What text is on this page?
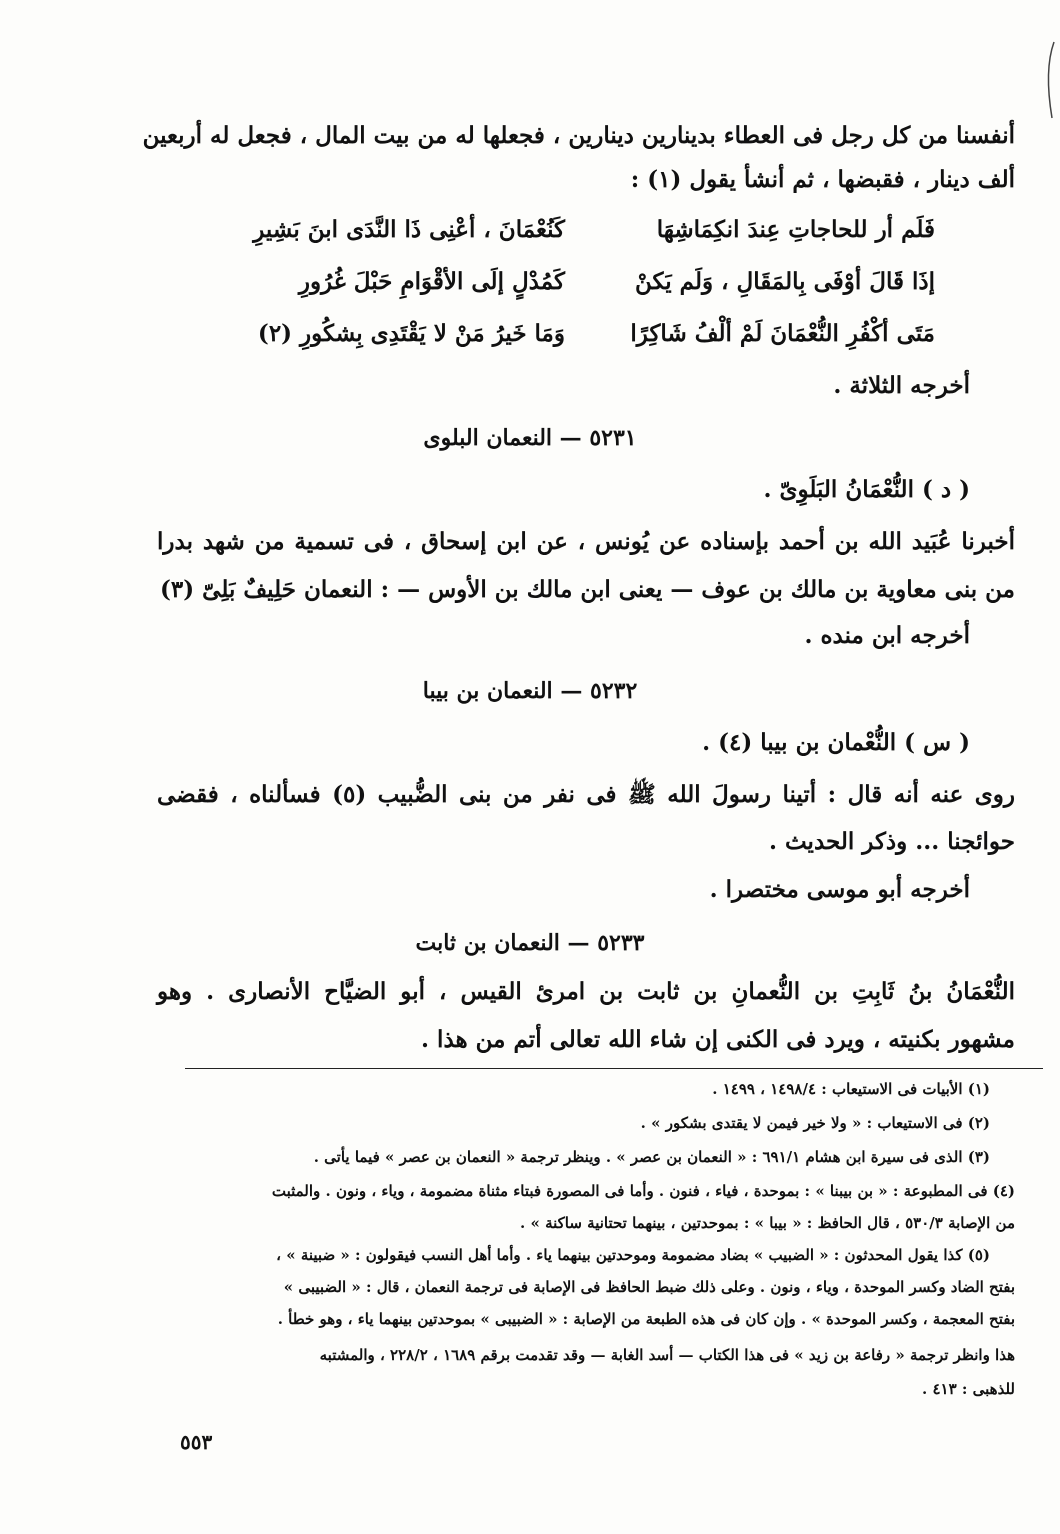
أنفسنا من كل رجل فى العطاء بدينارين دينارين ، فجعلها له من بيت المال ، فجعل له أربعين
ألف دينار ، فقبضها ، ثم أنشأ يقول (١) :
فَلَم أر للحاجاتِ عِندَ انكِمَاشِهَا
كَنُعْمَانَ ، أعْنِى ذَا النَّدَى ابنَ بَشِيرِ
إذَا قَالَ أوْفَى بِالمَقَالِ ، وَلَم يَكنْ
كَمُدْلٍ إلَى الأقْوَامِ حَبْلَ غُرُورِ
مَتَى أكْفُرِ النُّعْمَانَ لَمْ ألْفُ شَاكِرًا
وَمَا خَيرُ مَنْ لا يَقْتَدِى بِشكُورِ (٢)
أخرجه الثلاثة .
٥٢٣١ — النعمان البلوى
( د ) النُّعْمَانُ البَلَوِىّ .
أخبرنا عُبَيد الله بن أحمد بإسناده عن يُونس ، عن ابن إسحاق ، فى تسمية من شهد بدرا
من بنى معاوية بن مالك بن عوف — يعنى ابن مالك بن الأوس — : النعمان حَلِيفٌ بَلِىّ (٣)
أخرجه ابن منده .
٥٢٣٢ — النعمان بن بيبا
( س ) النُّعْمان بن بيبا (٤) .
روى عنه أنه قال : أتينا رسولَ الله ﷺ فى نفر من بنى الضُّبيب (٥) فسألناه ، فقضى
حوائجنا ... وذكر الحديث .
أخرجه أبو موسى مختصرا .
٥٢٣٣ — النعمان بن ثابت
النُّعْمَانُ بنُ ثَابِتِ بن النُّعمانِ بن ثابت بن امرئ القيس ، أبو الضيَّاح الأنصارى . وهو
مشهور بكنيته ، ويرد فى الكنى إن شاء الله تعالى أتم من هذا .
(١) الأبيات فى الاستيعاب : ١٤٩٨/٤ ، ١٤٩٩ .
(٢) فى الاستيعاب : « ولا خير فيمن لا يقتدى بشكور » .
(٣) الذى فى سيرة ابن هشام ٦٩١/١ : « النعمان بن عصر » . وينظر ترجمة « النعمان بن عصر » فيما يأتى .
(٤) فى المطبوعة : « بن بيبنا » : بموحدة ، فياء ، فنون . وأما فى المصورة فبتاء مثناة مضمومة ، وياء ، ونون . والمثبت
من الإصابة ٥٣٠/٣ ، قال الحافظ : « بيبا » : بموحدتين ، بينهما تحتانية ساكنة » .
(٥) كذا يقول المحدثون : « الضبيب » بضاد مضمومة وموحدتين بينهما ياء . وأما أهل النسب فيقولون : « ضبينة » ،
بفتح الضاد وكسر الموحدة ، وياء ، ونون . وعلى ذلك ضبط الحافظ فى الإصابة فى ترجمة النعمان ، قال : « الضبيبى »
بفتح المعجمة ، وكسر الموحدة » . وإن كان فى هذه الطبعة من الإصابة : « الضبيبى » بموحدتين بينهما ياء ، وهو خطأ .
هذا وانظر ترجمة « رفاعة بن زيد » فى هذا الكتاب — أسد الغابة — وقد تقدمت برقم ١٦٨٩ ، ٢٢٨/٢ ، والمشتبه
للذهبى : ٤١٣ .
٥٥٣
